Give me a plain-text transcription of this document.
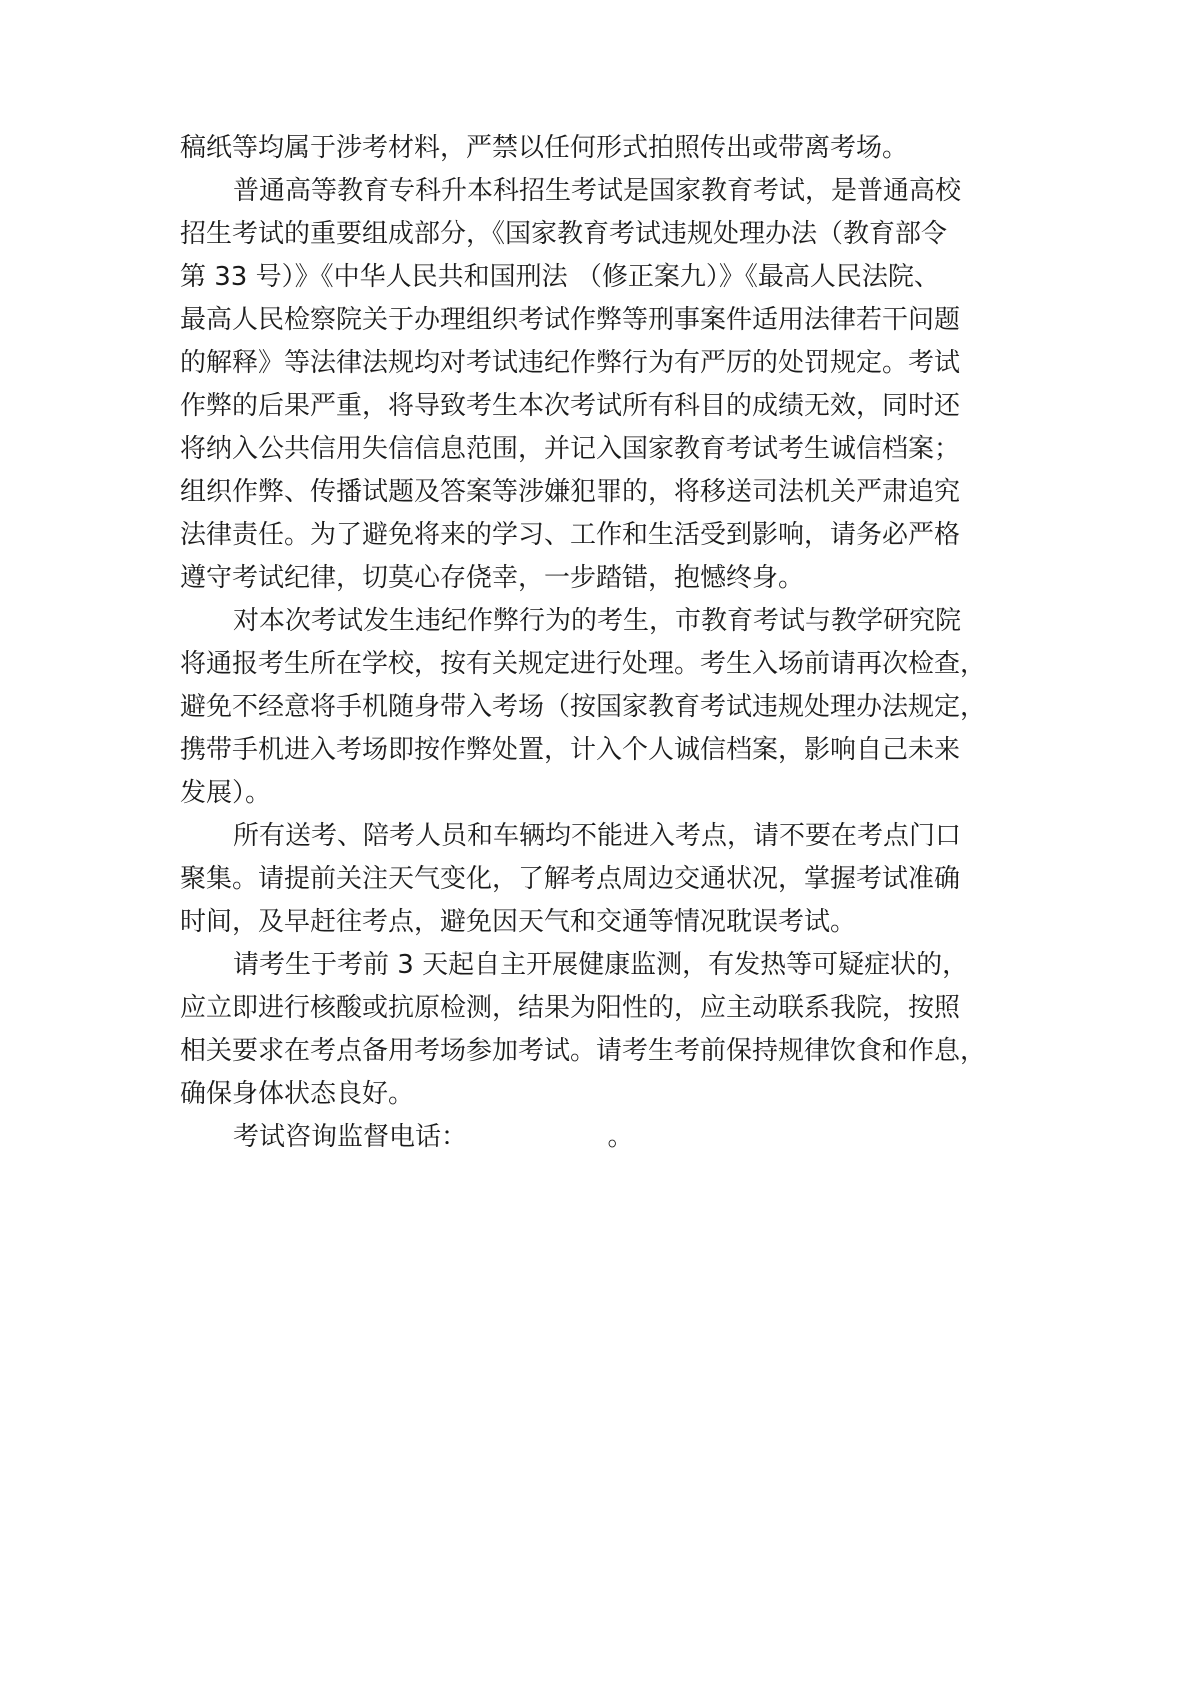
稿纸等均属于涉考材料，严禁以任何形式拍照传出或带离考场。
普通高等教育专科升本科招生考试是国家教育考试，是普通高校
招生考试的重要组成部分，《国家教育考试违规处理办法（教育部令
第 33 号）》《中华人民共和国刑法 （修正案九）》《最高人民法院、
最高人民检察院关于办理组织考试作弊等刑事案件适用法律若干问题
的解释》等法律法规均对考试违纪作弊行为有严厉的处罚规定。考试
作弊的后果严重，将导致考生本次考试所有科目的成绩无效，同时还
将纳入公共信用失信信息范围，并记入国家教育考试考生诚信档案；
组织作弊、传播试题及答案等涉嫌犯罪的，将移送司法机关严肃追究
法律责任。为了避免将来的学习、工作和生活受到影响，请务必严格
遵守考试纪律，切莫心存侥幸，一步踏错，抱憾终身。
对本次考试发生违纪作弊行为的考生，市教育考试与教学研究院
将通报考生所在学校，按有关规定进行处理。考生入场前请再次检查，
避免不经意将手机随身带入考场（按国家教育考试违规处理办法规定，
携带手机进入考场即按作弊处置，计入个人诚信档案，影响自己未来
发展）。
所有送考、陪考人员和车辆均不能进入考点，请不要在考点门口
聚集。请提前关注天气变化，了解考点周边交通状况，掌握考试准确
时间，及早赶往考点，避免因天气和交通等情况耽误考试。
请考生于考前 3 天起自主开展健康监测，有发热等可疑症状的，
应立即进行核酸或抗原检测，结果为阳性的，应主动联系我院，按照
相关要求在考点备用考场参加考试。请考生考前保持规律饮食和作息，
确保身体状态良好。
考试咨询监督电话：                 。
